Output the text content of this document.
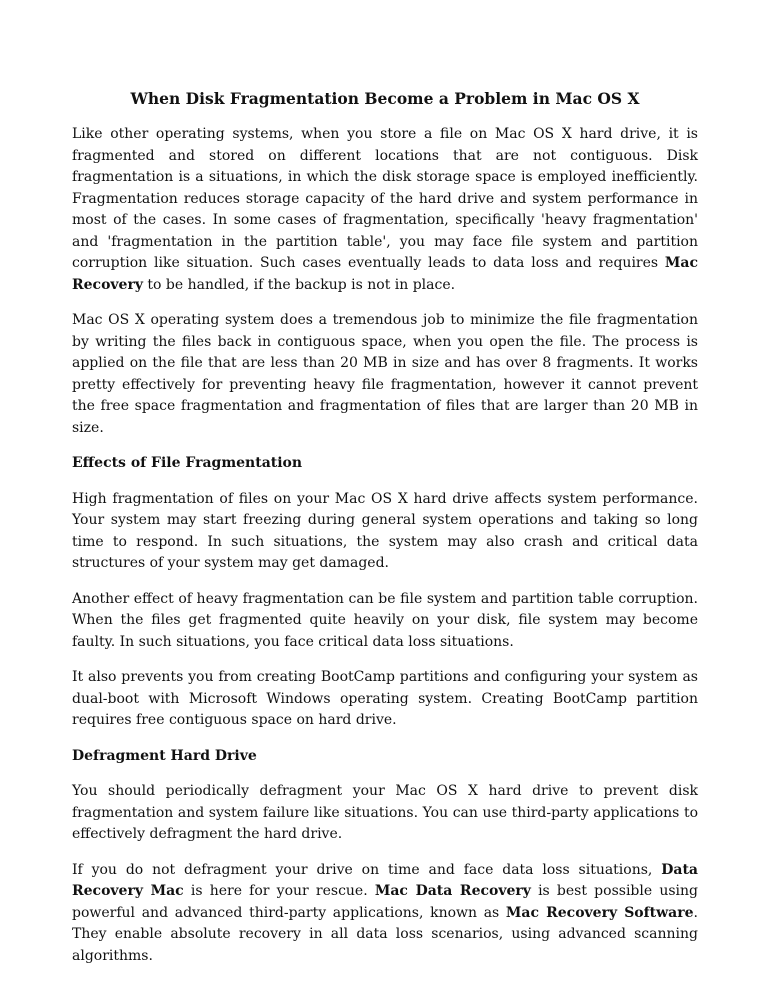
When Disk Fragmentation Become a Problem in Mac OS X
Like other operating systems, when you store a file on Mac OS X hard drive, it is fragmented and stored on different locations that are not contiguous. Disk fragmentation is a situations, in which the disk storage space is employed inefficiently. Fragmentation reduces storage capacity of the hard drive and system performance in most of the cases. In some cases of fragmentation, specifically 'heavy fragmentation' and 'fragmentation in the partition table', you may face file system and partition corruption like situation. Such cases eventually leads to data loss and requires Mac Recovery to be handled, if the backup is not in place.
Mac OS X operating system does a tremendous job to minimize the file fragmentation by writing the files back in contiguous space, when you open the file. The process is applied on the file that are less than 20 MB in size and has over 8 fragments. It works pretty effectively for preventing heavy file fragmentation, however it cannot prevent the free space fragmentation and fragmentation of files that are larger than 20 MB in size.
Effects of File Fragmentation
High fragmentation of files on your Mac OS X hard drive affects system performance. Your system may start freezing during general system operations and taking so long time to respond. In such situations, the system may also crash and critical data structures of your system may get damaged.
Another effect of heavy fragmentation can be file system and partition table corruption. When the files get fragmented quite heavily on your disk, file system may become faulty. In such situations, you face critical data loss situations.
It also prevents you from creating BootCamp partitions and configuring your system as dual-boot with Microsoft Windows operating system. Creating BootCamp partition requires free contiguous space on hard drive.
Defragment Hard Drive
You should periodically defragment your Mac OS X hard drive to prevent disk fragmentation and system failure like situations. You can use third-party applications to effectively defragment the hard drive.
If you do not defragment your drive on time and face data loss situations, Data Recovery Mac is here for your rescue. Mac Data Recovery is best possible using powerful and advanced third-party applications, known as Mac Recovery Software. They enable absolute recovery in all data loss scenarios, using advanced scanning algorithms.
